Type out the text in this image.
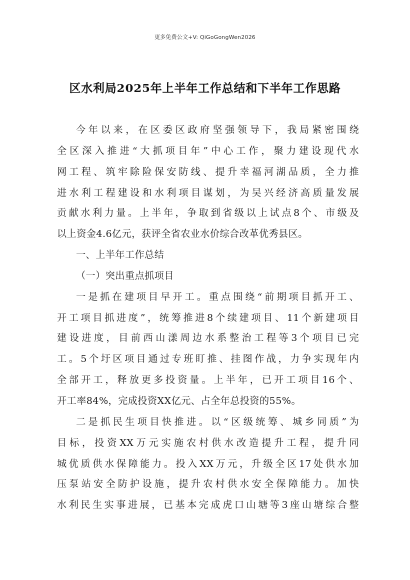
更多免费公文+V: QiGoGongWen2026
区水利局2025年上半年工作总结和下半年工作思路
今年以来，在区委区政府坚强领导下，我局紧密围绕
全区深入推进“大抓项目年”中心工作，聚力建设现代水
网工程、筑牢除险保安防线、提升幸福河湖品质，全力推
进水利工程建设和水利项目谋划，为吴兴经济高质量发展
贡献水利力量。上半年，争取到省级以上试点8个、市级及
以上资金4.6亿元，获评全省农业水价综合改革优秀县区。
一、上半年工作总结
（一）突出重点抓项目
一是抓在建项目早开工。重点围绕“前期项目抓开工、
开工项目抓进度”，统筹推进8个续建项目、11个新建项目
建设进度，目前西山漾周边水系整治工程等3个项目已完
工。5个圩区项目通过专班盯推、挂图作战，力争实现年内
全部开工，释放更多投资量。上半年，已开工项目16个、
开工率84%，完成投资XX亿元、占全年总投资的55%。
二是抓民生项目快推进。以“区级统筹、城乡同质”为
目标，投资XX万元实施农村供水改造提升工程，提升同
城优质供水保障能力。投入XX万元，升级全区17处供水加
压泵站安全防护设施，提升农村供水安全保障能力。加快
水利民生实事进展，已基本完成虎口山塘等3座山塘综合整
